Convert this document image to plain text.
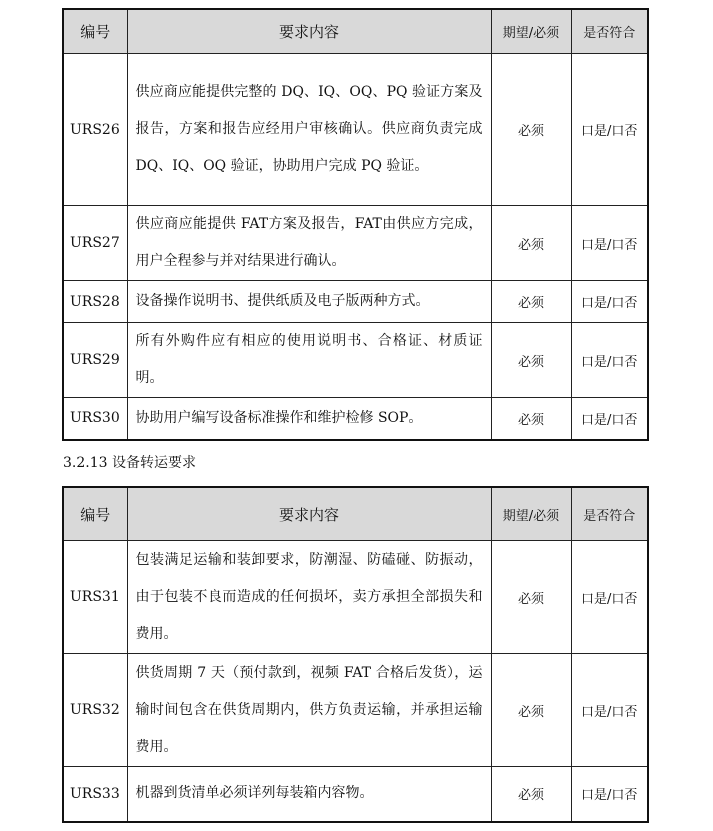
编号	要求内容	期望/必须	是否符合
URS26	供应商应能提供完整的 DQ、IQ、OQ、PQ 验证方案及报告，方案和报告应经用户审核确认。供应商负责完成DQ、IQ、OQ 验证，协助用户完成 PQ 验证。	必须	口是/口否
URS27	供应商应能提供 FAT方案及报告，FAT由供应方完成，用户全程参与并对结果进行确认。	必须	口是/口否
URS28	设备操作说明书、提供纸质及电子版两种方式。	必须	口是/口否
URS29	所有外购件应有相应的使用说明书、合格证、材质证明。	必须	口是/口否
URS30	协助用户编写设备标准操作和维护检修 SOP。	必须	口是/口否
3.2.13 设备转运要求
编号	要求内容	期望/必须	是否符合
URS31	包装满足运输和装卸要求，防潮湿、防磕碰、防振动，由于包装不良而造成的任何损坏，卖方承担全部损失和费用。	必须	口是/口否
URS32	供货周期 7 天（预付款到，视频 FAT 合格后发货），运输时间包含在供货周期内，供方负责运输，并承担运输费用。	必须	口是/口否
URS33	机器到货清单必须详列每装箱内容物。	必须	口是/口否
